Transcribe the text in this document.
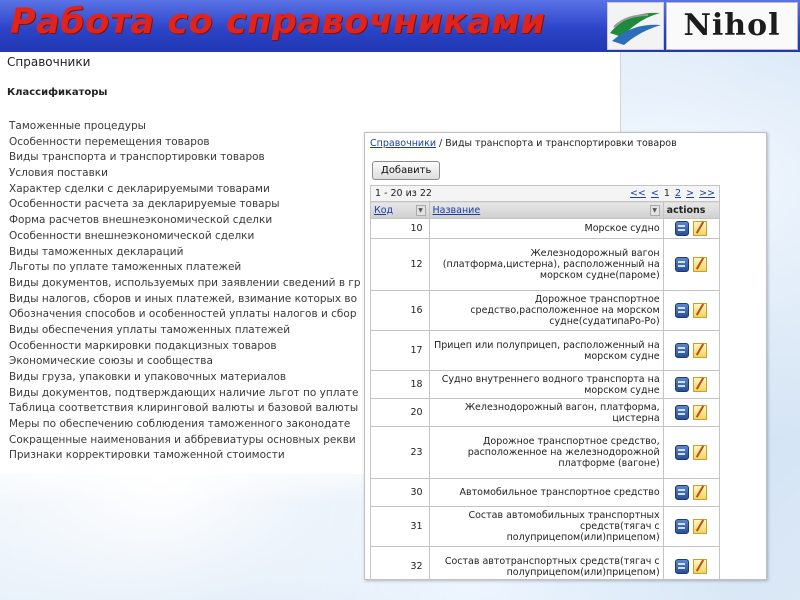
Работа со справочниками	Nihol
Справочники
Классификаторы
Таможенные процедуры
Особенности перемещения товаров
Виды транспорта и транспортировки товаров
Условия поставки
Характер сделки с декларируемыми товарами
Особенности расчета за декларируемые товары
Форма расчетов внешнеэкономической сделки
Особенности внешнеэкономической сделки
Виды таможенных деклараций
Льготы по уплате таможенных платежей
Виды документов, используемых при заявлении сведений в гр
Виды налогов, сборов и иных платежей, взимание которых во
Обозначения способов и особенностей уплаты налогов и сбор
Виды обеспечения уплаты таможенных платежей
Особенности маркировки подакцизных товаров
Экономические союзы и сообщества
Виды груза, упаковки и упаковочных материалов
Виды документов, подтверждающих наличие льгот по уплате
Таблица соответствия клиринговой валюты и базовой валюты
Меры по обеспечению соблюдения таможенного законодате
Сокращенные наименования и аббревиатуры основных рекви
Признаки корректировки таможенной стоимости
Справочники / Виды транспорта и транспортировки товаров
Добавить
1 - 20 из 22 << < 1 2 > >>		

Код ▼	Название ▼	actions
10	Морское судно	
12	Железнодорожный вагон (платформа,цистерна), расположенный на морском судне(пароме)	
16	Дорожное транспортное средство,расположенное на морском судне(судатипаРо-Ро)	
17	Прицеп или полуприцеп, расположенный на морском судне	
18	Судно внутреннего водного транспорта на морском судне	
20	Железнодорожный вагон, платформа, цистерна	
23	Дорожное транспортное средство, расположенное на железнодорожной платформе (вагоне)	
30	Автомобильное транспортное средство	
31	Состав автомобильных транспортных средств(тягач с полуприцепом(или)прицепом)	
32	Состав автотранспортных средств(тягач с полуприцепом(или)прицепом)	
